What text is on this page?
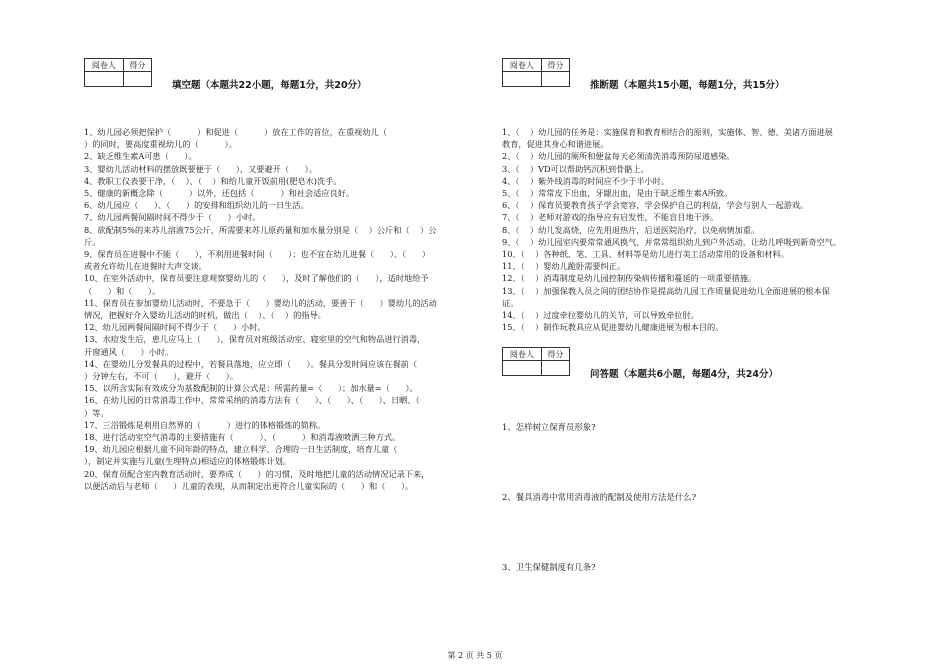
阅卷人	得分

填空题（本题共22小题，每题1分，共20分）

1、幼儿园必须把保护（          ）和促进（          ）放在工作的首位，在重视幼儿（

）的同时，要高度重视幼儿的（          ）。

2、缺乏维生素A可患（      ）。

3、婴幼儿活动材料的摆放既要便于（      ），又要避开（      ）。

4、教职工仪表要干净，（    ）、（    ）和给儿童开饭前用(肥皂水)洗手。

5、健康的新概念除（          ）以外，还包括（          ）和社会适应良好。

6、幼儿园应（      ）、（      ）的安排和组织幼儿的一日生活。

7、幼儿园两餐间隔时间不得少于（      ）小时。

8、欲配制5%的来苏儿溶液75公斤，所需要来苏儿原药量和加水量分别是（    ）公斤和（    ）公

斤。

9、保育员在进餐中不能（      ），不利用进餐时间（      ）；也不宜在幼儿进餐（      ）、（      ）

或者允许幼儿在进餐时大声交谈。

10、在室外活动中，保育员要注意观察婴幼儿的（      ），及时了解他们的（      ），适时地给予

（      ）和（      ）。

11、保育员在参加婴幼儿活动时，不要急于（      ）婴幼儿的活动，要善于（      ）婴幼儿的活动

情况，把握好介入婴幼儿活动的时机，做出（    ）、（    ）的指导。

12、幼儿园两餐间隔时间不得少于（      ）小时。

13、水痘发生后，患儿应马上（      ），保育员对班级活动室、寝室里的空气和物品进行消毒，

开窗通风（      ）小时。

14、在婴幼儿分发餐具的过程中，若餐具落地，应立即（      ）。餐具分发时间应该在餐前（

）分钟左右，不可（      ），避开（      ）。

15、以所含实际有效成分为基数配制的计算公式是：所需药量=（      ）；加水量=（      ）。

16、在幼儿园的日常消毒工作中，常常采纳的消毒方法有（      ）、（      ）、（      ）、日晒、（

）等。

17、三浴锻炼是利用自然界的（          ）进行的体格锻炼的简称。

18、进行活动室空气消毒的主要措施有（          ）、（          ）和消毒液喷洒三种方式。

19、幼儿园应根据儿童不同年龄的特点，建立科学、合理的一日生活制度，培育儿童（

），制定并实施与儿童(生理特点)相适应的体格锻炼计划。

20、保育员配合室内教育活动时，要养成（      ）的习惯，及时地把儿童的活动情况记录下来，

以便活动后与老师（      ）儿童的表现，从而制定出更符合儿童实际的（      ）和（      ）。

阅卷人	得分

推断题（本题共15小题，每题1分，共15分）

1、（    ）幼儿园的任务是：实施保育和教育相结合的原则，实施体、智、德、美诸方面进展

教育，促进其身心和谐进展。

2、（    ）幼儿园的厕所和便盆每天必须清洗消毒预防尿道感染。

3、（    ）VD可以帮助钙沉积到骨骼上。

4、（    ）紫外线消毒的时间应不少于半小时。

5、（    ）常常皮下出血，牙龈出血，是由于缺乏维生素A所致。

6、（    ）保育员要教育孩子学会宽容，学会保护自己的利益，学会与别人一起游戏。

7、（    ）老师对游戏的指导应有启发性，不能盲目地干涉。

8、（    ）幼儿发高烧，应先用退热片，后送医院治疗，以免病情加重。

9、（    ）幼儿园室内要常常通风换气，并常常组织幼儿到户外活动，让幼儿呼吸到新奇空气。

10、（    ）各种纸、笔、工具、材料等是幼儿进行美工活动常用的设备和材料。

11、（    ）婴幼儿跪卧需要纠正。

12、（    ）消毒制度是幼儿园控制传染病传播和蔓延的一项重要措施。

13、（    ）加强保教人员之间的团结协作是提高幼儿园工作质量促进幼儿全面进展的根本保

证。

14、（    ）过度牵拉婴幼儿的关节，可以导致牵拉肘。

15、（    ）制作玩教具应从促进婴幼儿健康进展为根本目的。

阅卷人	得分

问答题（本题共6小题，每题4分，共24分）

1、怎样树立保育员形象?

2、餐具消毒中常用消毒液的配制及使用方法是什么?

3、卫生保健制度有几条?

第 2 页 共 5 页
